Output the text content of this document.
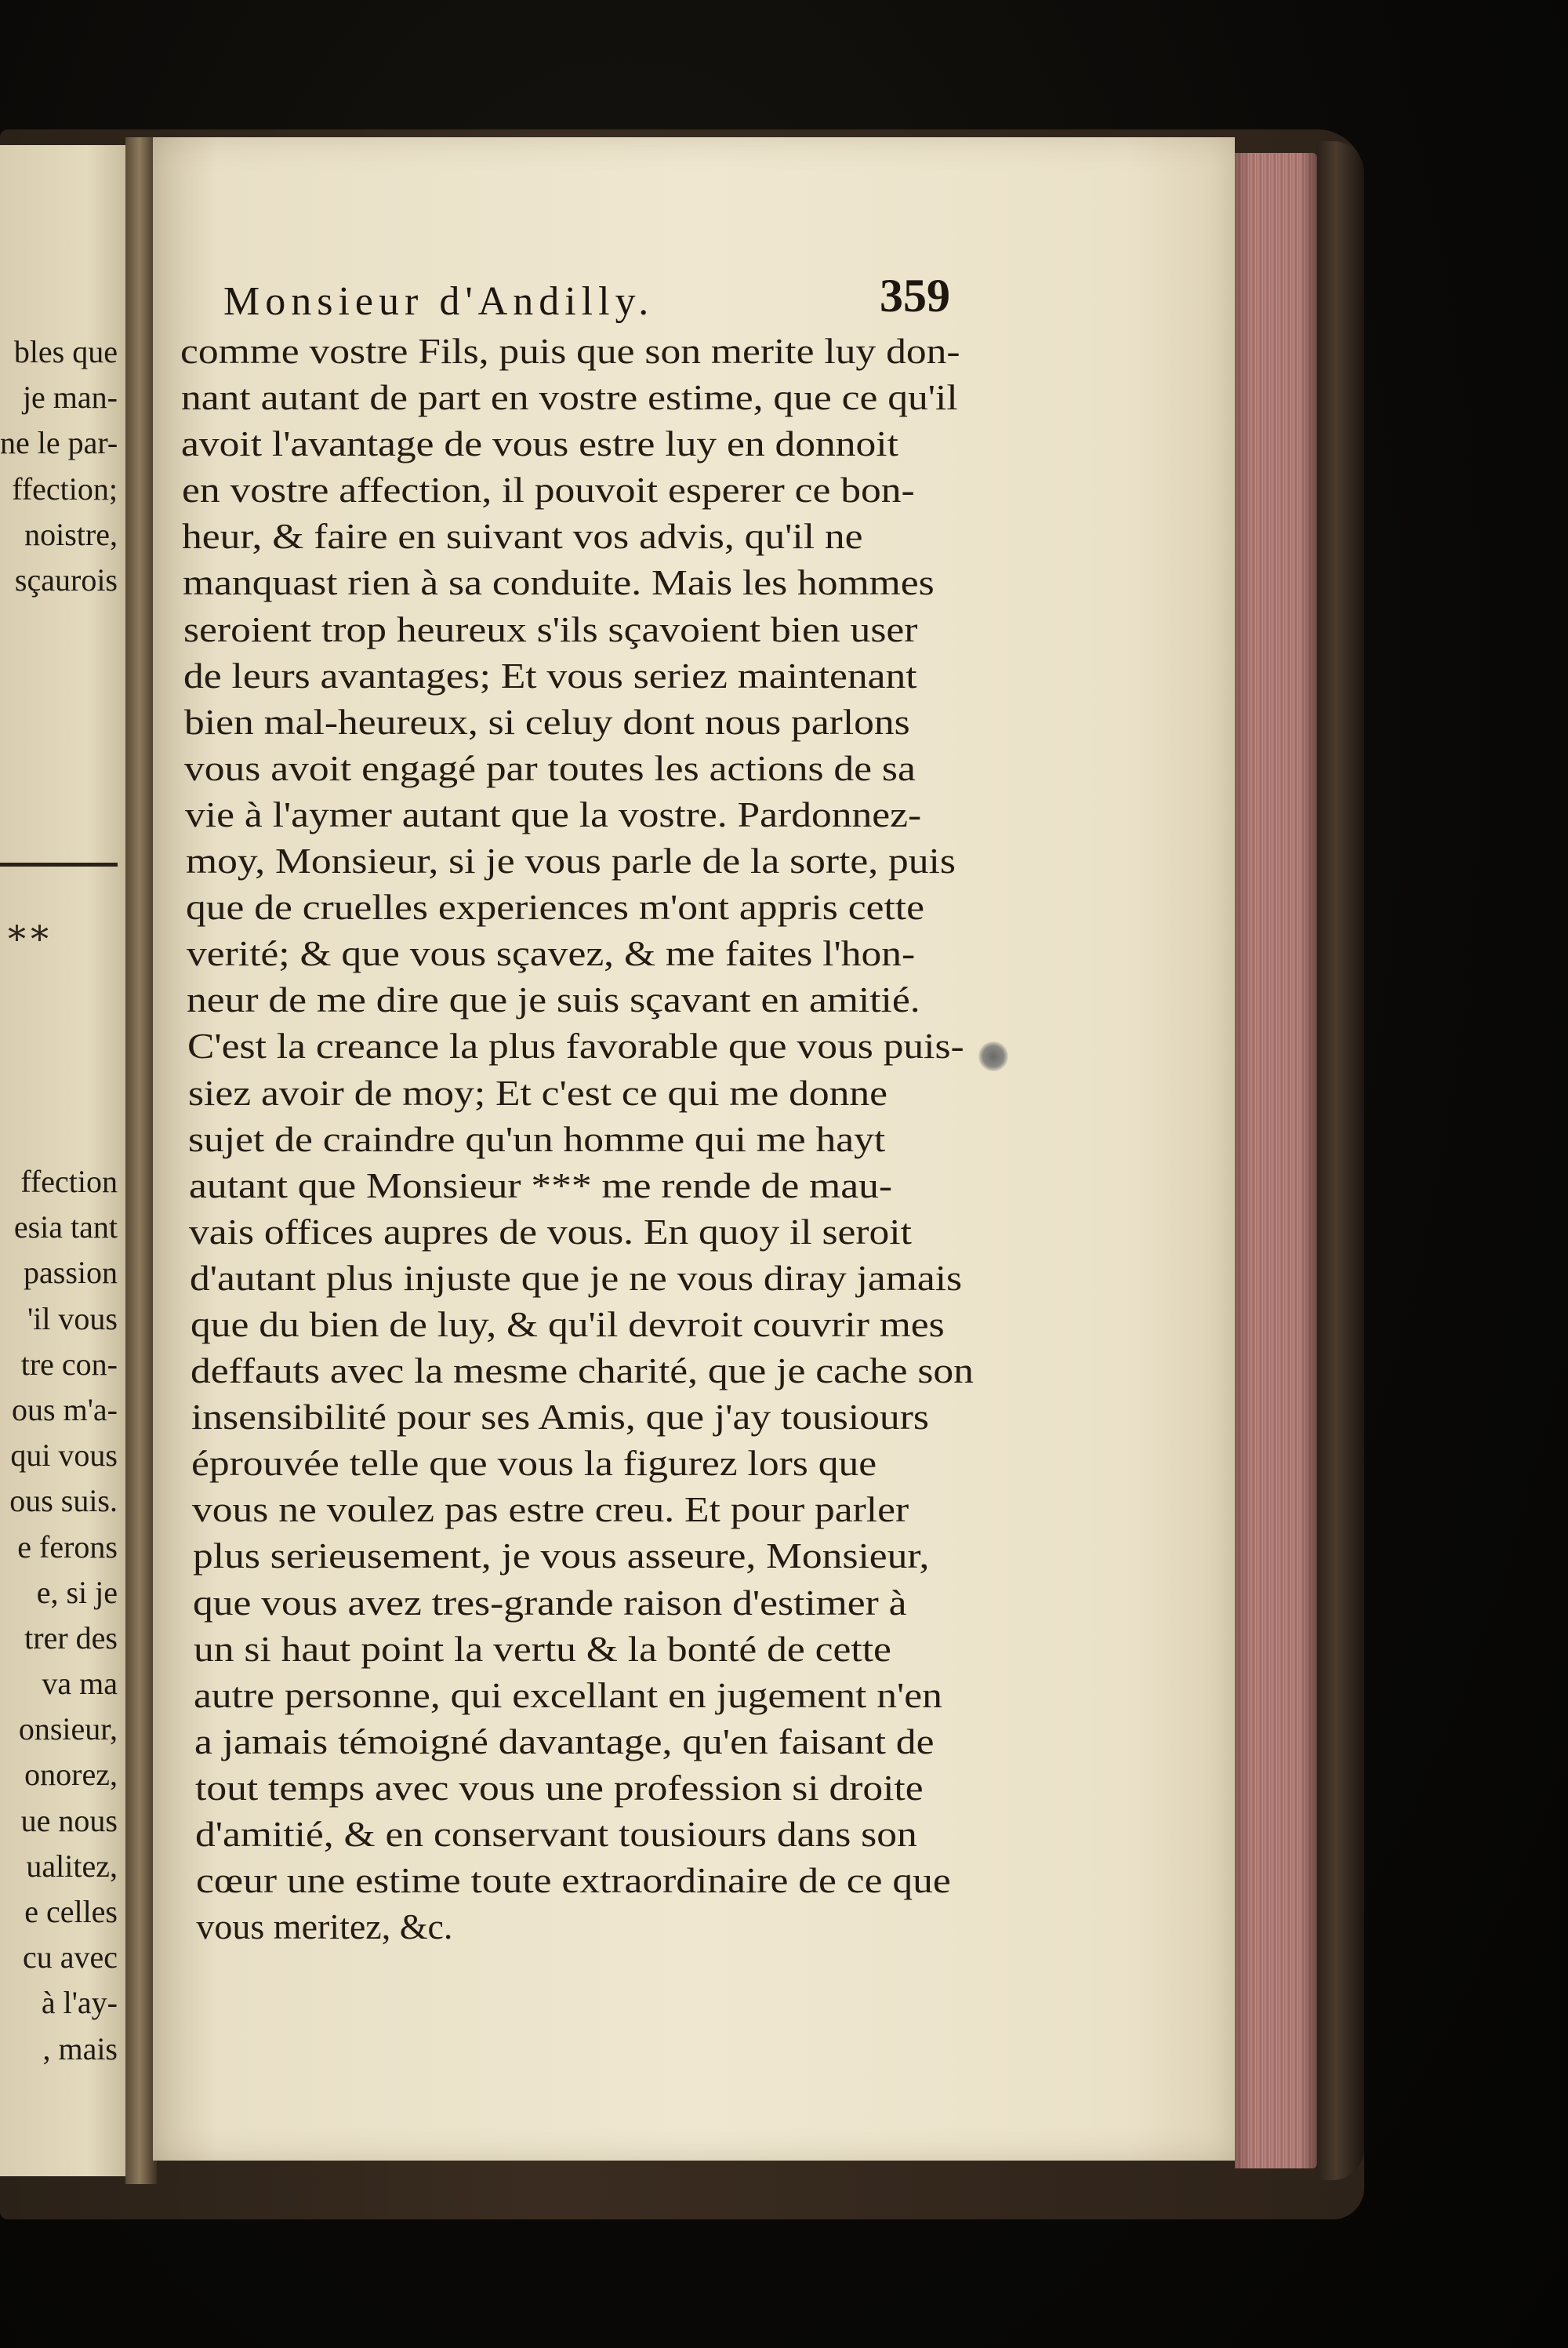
bles que
je man-
ne le par-
ffection;
noistre,
sçaurois
**
ffection
esia tant
passion
'il vous
tre con-
ous m'a-
qui vous
ous suis.
e ferons
e, si je
trer des
va ma
onsieur,
onorez,
ue nous
ualitez,
e celles
cu avec
à l'ay-
, mais
Monsieur d'Andilly.	359
comme vostre Fils, puis que son merite luy don-
nant autant de part en vostre estime, que ce qu'il
avoit l'avantage de vous estre luy en donnoit
en vostre affection, il pouvoit esperer ce bon-
heur, & faire en suivant vos advis, qu'il ne
manquast rien à sa conduite. Mais les hommes
seroient trop heureux s'ils sçavoient bien user
de leurs avantages; Et vous seriez maintenant
bien mal-heureux, si celuy dont nous parlons
vous avoit engagé par toutes les actions de sa
vie à l'aymer autant que la vostre. Pardonnez-
moy, Monsieur, si je vous parle de la sorte, puis
que de cruelles experiences m'ont appris cette
verité; & que vous sçavez, & me faites l'hon-
neur de me dire que je suis sçavant en amitié.
C'est la creance la plus favorable que vous puis-
siez avoir de moy; Et c'est ce qui me donne
sujet de craindre qu'un homme qui me hayt
autant que Monsieur *** me rende de mau-
vais offices aupres de vous. En quoy il seroit
d'autant plus injuste que je ne vous diray jamais
que du bien de luy, & qu'il devroit couvrir mes
deffauts avec la mesme charité, que je cache son
insensibilité pour ses Amis, que j'ay tousiours
éprouvée telle que vous la figurez lors que
vous ne voulez pas estre creu. Et pour parler
plus serieusement, je vous asseure, Monsieur,
que vous avez tres-grande raison d'estimer à
un si haut point la vertu & la bonté de cette
autre personne, qui excellant en jugement n'en
a jamais témoigné davantage, qu'en faisant de
tout temps avec vous une profession si droite
d'amitié, & en conservant tousiours dans son
cœur une estime toute extraordinaire de ce que
vous meritez, &c.
